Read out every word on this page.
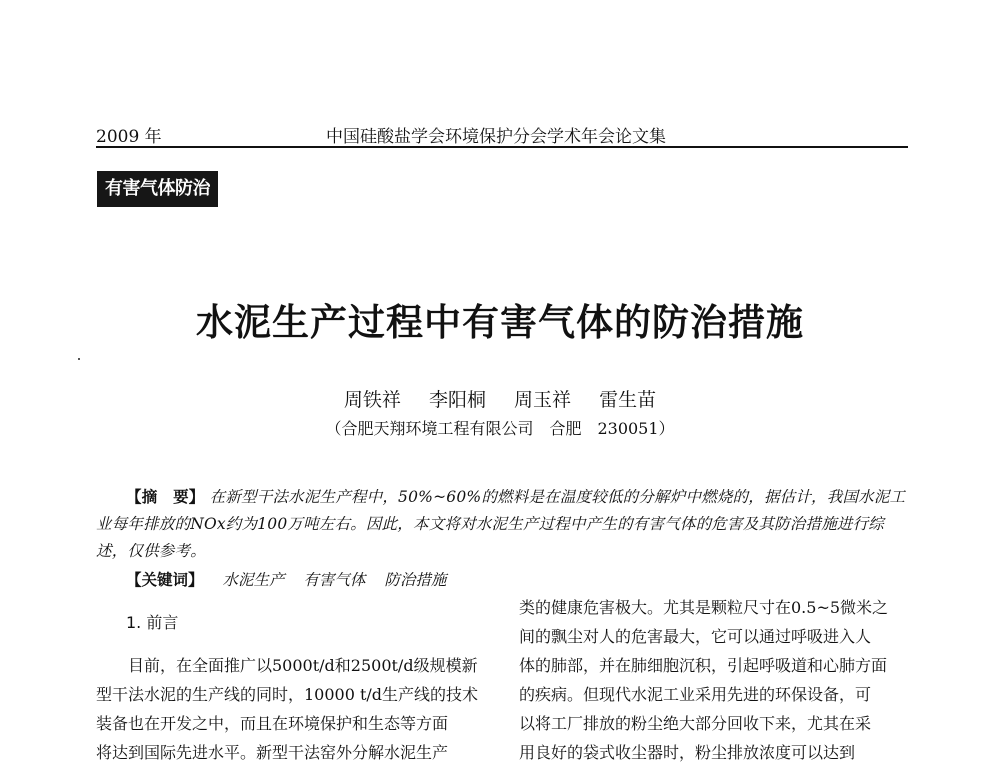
2009 年	中国硅酸盐学会环境保护分会学术年会论文集
有害气体防治
水泥生产过程中有害气体的防治措施
周铁祥 李阳桐 周玉祥 雷生苗
（合肥天翔环境工程有限公司　合肥　230051）
【摘　要】 在新型干法水泥生产程中，50%~60%的燃料是在温度较低的分解炉中燃烧的，据估计，我国水泥工业每年排放的NOx约为100万吨左右。因此，本文将对水泥生产过程中产生的有害气体的危害及其防治措施进行综述，仅供参考。
【关键词】 水泥生产 有害气体 防治措施
1. 前言
　　目前，在全面推广以5000t/d和2500t/d级规模新
型干法水泥的生产线的同时，10000 t/d生产线的技术
装备也在开发之中，而且在环境保护和生态等方面
将达到国际先进水平。新型干法窑外分解水泥生产
类的健康危害极大。尤其是颗粒尺寸在0.5~5微米之
间的飘尘对人的危害最大，它可以通过呼吸进入人
体的肺部，并在肺细胞沉积，引起呼吸道和心肺方面
的疾病。但现代水泥工业采用先进的环保设备，可
以将工厂排放的粉尘绝大部分回收下来，尤其在采
用良好的袋式收尘器时，粉尘排放浓度可以达到
